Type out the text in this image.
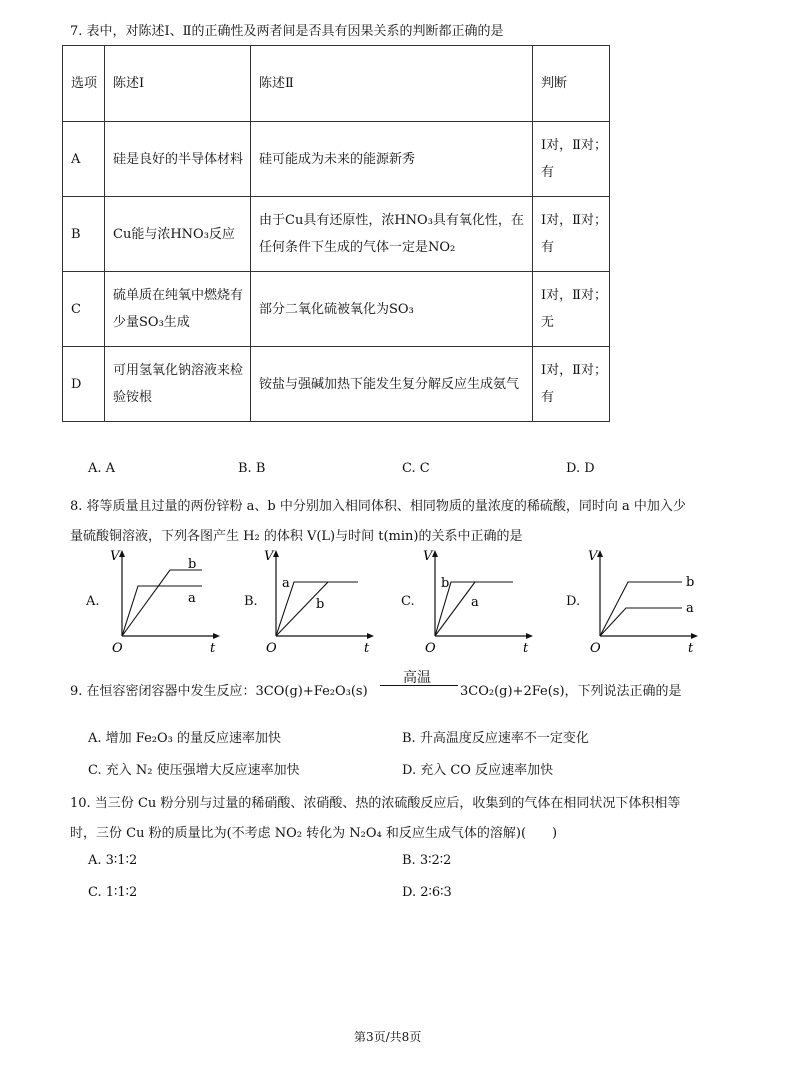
7. 表中，对陈述Ⅰ、Ⅱ的正确性及两者间是否具有因果关系的判断都正确的是
选项	陈述Ⅰ	陈述Ⅱ	判断
A	硅是良好的半导体材料	硅可能成为未来的能源新秀	Ⅰ对，Ⅱ对；有
B	Cu能与浓HNO₃反应	由于Cu具有还原性，浓HNO₃具有氧化性，在任何条件下生成的气体一定是NO₂	Ⅰ对，Ⅱ对；有
C	硫单质在纯氧中燃烧有少量SO₃生成	部分二氧化硫被氧化为SO₃	Ⅰ对，Ⅱ对；无
D	可用氢氧化钠溶液来检验铵根	铵盐与强碱加热下能发生复分解反应生成氨气	Ⅰ对，Ⅱ对；有
A. A	B. B	C. C	D. D
8. 将等质量且过量的两份锌粉 a、b 中分别加入相同体积、相同物质的量浓度的稀硫酸，同时向 a 中加入少
量硫酸铜溶液，下列各图产生 H₂ 的体积 V(L)与时间 t(min)的关系中正确的是
A.	B.	C.	D.
V
O	t
b
a
V
O	t
a
b
V
O	t
b
a
V
O	t
b
a
9. 在恒容密闭容器中发生反应：3CO(g)+Fe₂O₃(s)
高温
3CO₂(g)+2Fe(s)，下列说法正确的是
A. 增加 Fe₂O₃ 的量反应速率加快	B. 升高温度反应速率不一定变化
C. 充入 N₂ 使压强增大反应速率加快	D. 充入 CO 反应速率加快
10. 当三份 Cu 粉分别与过量的稀硝酸、浓硝酸、热的浓硫酸反应后，收集到的气体在相同状况下体积相等
时，三份 Cu 粉的质量比为(不考虑 NO₂ 转化为 N₂O₄ 和反应生成气体的溶解)(　　)
A. 3∶1∶2	B. 3∶2∶2
C. 1∶1∶2	D. 2∶6∶3
第3页/共8页
